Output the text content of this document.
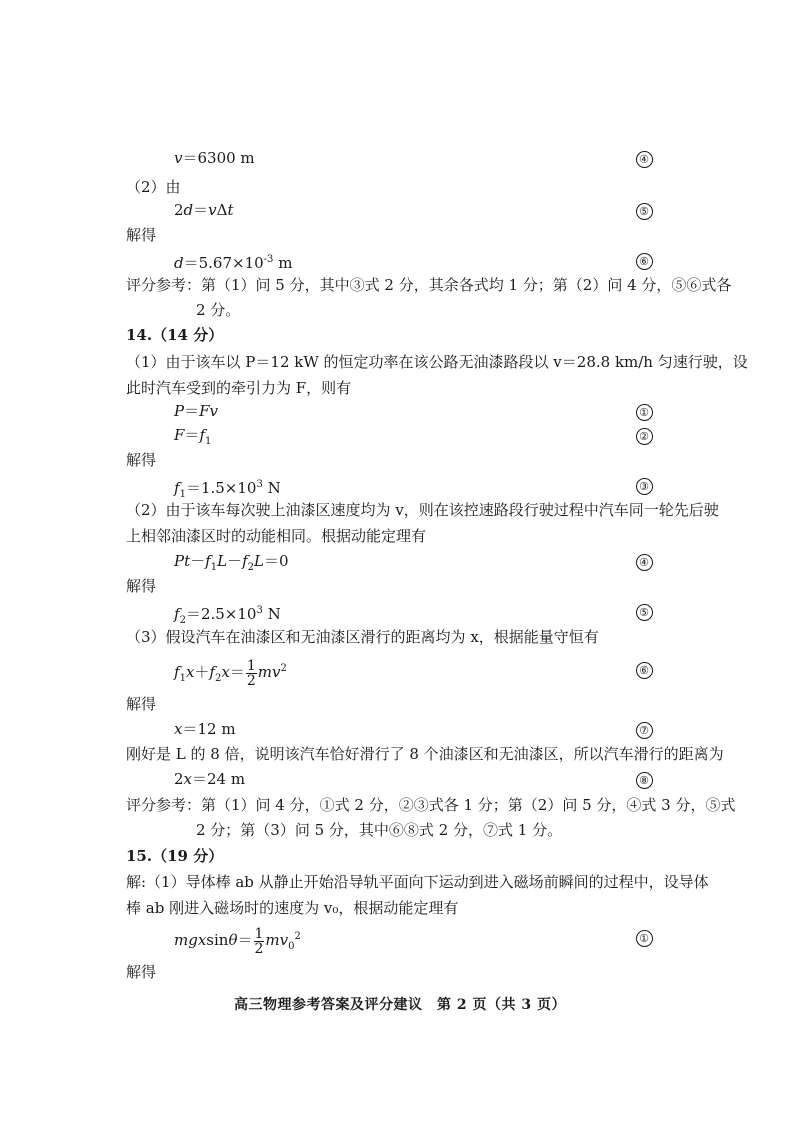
v＝6300 m	④
（2）由
2d＝vΔt	⑤
解得
$d=5.67\times 10^{-3}$ m	⑥
评分参考：第（1）问 5 分，其中③式 2 分，其余各式均 1 分；第（2）问 4 分，⑤⑥式各
2 分。
14.（14 分）
（1）由于该车以 P＝12 kW 的恒定功率在该公路无油漆路段以 v＝28.8 km/h 匀速行驶，设
此时汽车受到的牵引力为 F，则有
P＝Fv	①
$F=f_1$	②
解得
$f_1=1.5\times 10^3$ N	③
（2）由于该车每次驶上油漆区速度均为 v，则在该控速路段行驶过程中汽车同一轮先后驶
上相邻油漆区时的动能相同。根据动能定理有
$Pt-f_1L-f_2L=0$	④
解得
$f_2=2.5\times 10^3$ N	⑤
（3）假设汽车在油漆区和无油漆区滑行的距离均为 x，根据能量守恒有
$f_1x+f_2x= \frac{1}{2} mv^2$	⑥
解得
x＝12 m	⑦
刚好是 L 的 8 倍，说明该汽车恰好滑行了 8 个油漆区和无油漆区，所以汽车滑行的距离为
2x＝24 m	⑧
评分参考：第（1）问 4 分，①式 2 分，②③式各 1 分；第（2）问 5 分，④式 3 分，⑤式
2 分；第（3）问 5 分，其中⑥⑧式 2 分，⑦式 1 分。
15.（19 分）
解:（1）导体棒 ab 从静止开始沿导轨平面向下运动到进入磁场前瞬间的过程中，设导体
棒 ab 刚进入磁场时的速度为 v₀，根据动能定理有
$mgxsin\theta= \frac{1}{2} mv_0^2$	①
解得
高三物理参考答案及评分建议　第 2 页（共 3 页）
